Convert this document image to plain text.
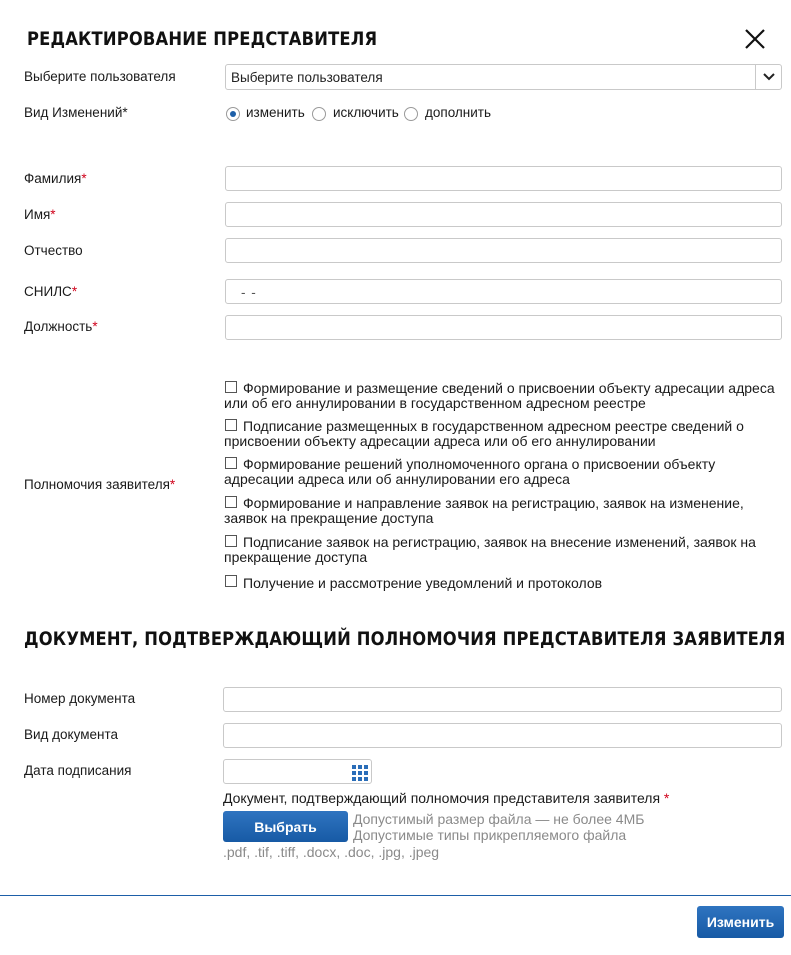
РЕДАКТИРОВАНИЕ ПРЕДСТАВИТЕЛЯ
Выберите пользователя	Выберите пользователя
Вид Изменений*	изменить исключить дополнить
Фамилия*
Имя*
Отчество
СНИЛС*	- -
Должность*
Полномочия заявителя*
Формирование и размещение сведений о присвоении объекту адресации адреса
или об его аннулировании в государственном адресном реестре
Подписание размещенных в государственном адресном реестре сведений о
присвоении объекту адресации адреса или об его аннулировании
Формирование решений уполномоченного органа о присвоении объекту
адресации адреса или об аннулировании его адреса
Формирование и направление заявок на регистрацию, заявок на изменение,
заявок на прекращение доступа
Подписание заявок на регистрацию, заявок на внесение изменений, заявок на
прекращение доступа
Получение и рассмотрение уведомлений и протоколов
ДОКУМЕНТ, ПОДТВЕРЖДАЮЩИЙ ПОЛНОМОЧИЯ ПРЕДСТАВИТЕЛЯ ЗАЯВИТЕЛЯ
Номер документа
Вид документа
Дата подписания
Документ, подтверждающий полномочия представителя заявителя *
Выбрать	Допустимый размер файла — не более 4МБ
Допустимые типы прикрепляемого файла
.pdf, .tif, .tiff, .docx, .doc, .jpg, .jpeg
Изменить
